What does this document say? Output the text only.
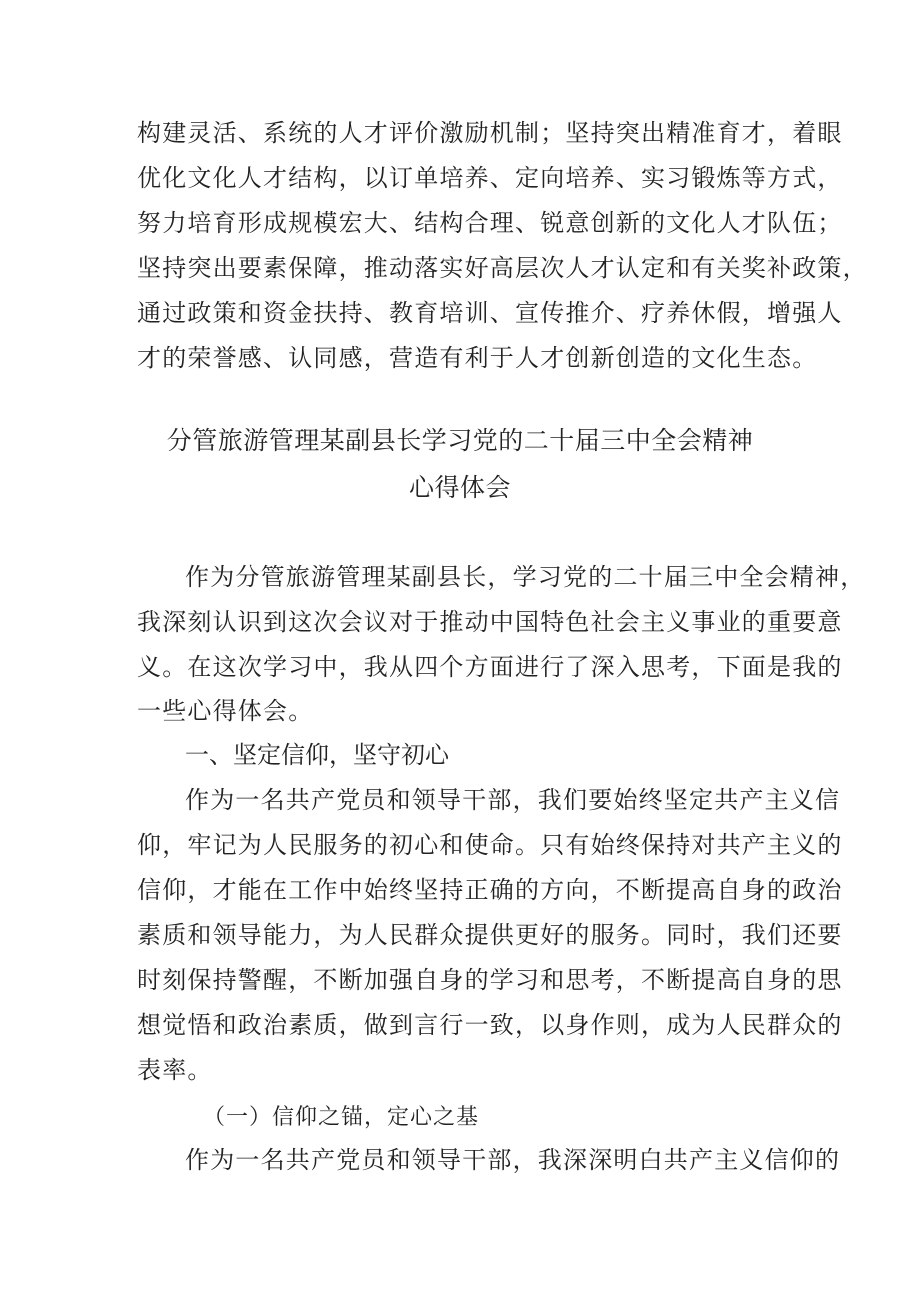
构建灵活、系统的人才评价激励机制；坚持突出精准育才，着眼
优化文化人才结构，以订单培养、定向培养、实习锻炼等方式，
努力培育形成规模宏大、结构合理、锐意创新的文化人才队伍；
坚持突出要素保障，推动落实好高层次人才认定和有关奖补政策，
通过政策和资金扶持、教育培训、宣传推介、疗养休假，增强人
才的荣誉感、认同感，营造有利于人才创新创造的文化生态。
分管旅游管理某副县长学习党的二十届三中全会精神
心得体会
作为分管旅游管理某副县长，学习党的二十届三中全会精神，
我深刻认识到这次会议对于推动中国特色社会主义事业的重要意
义。在这次学习中，我从四个方面进行了深入思考，下面是我的
一些心得体会。
一、坚定信仰，坚守初心
作为一名共产党员和领导干部，我们要始终坚定共产主义信
仰，牢记为人民服务的初心和使命。只有始终保持对共产主义的
信仰，才能在工作中始终坚持正确的方向，不断提高自身的政治
素质和领导能力，为人民群众提供更好的服务。同时，我们还要
时刻保持警醒，不断加强自身的学习和思考，不断提高自身的思
想觉悟和政治素质，做到言行一致，以身作则，成为人民群众的
表率。
（一）信仰之锚，定心之基
作为一名共产党员和领导干部，我深深明白共产主义信仰的
